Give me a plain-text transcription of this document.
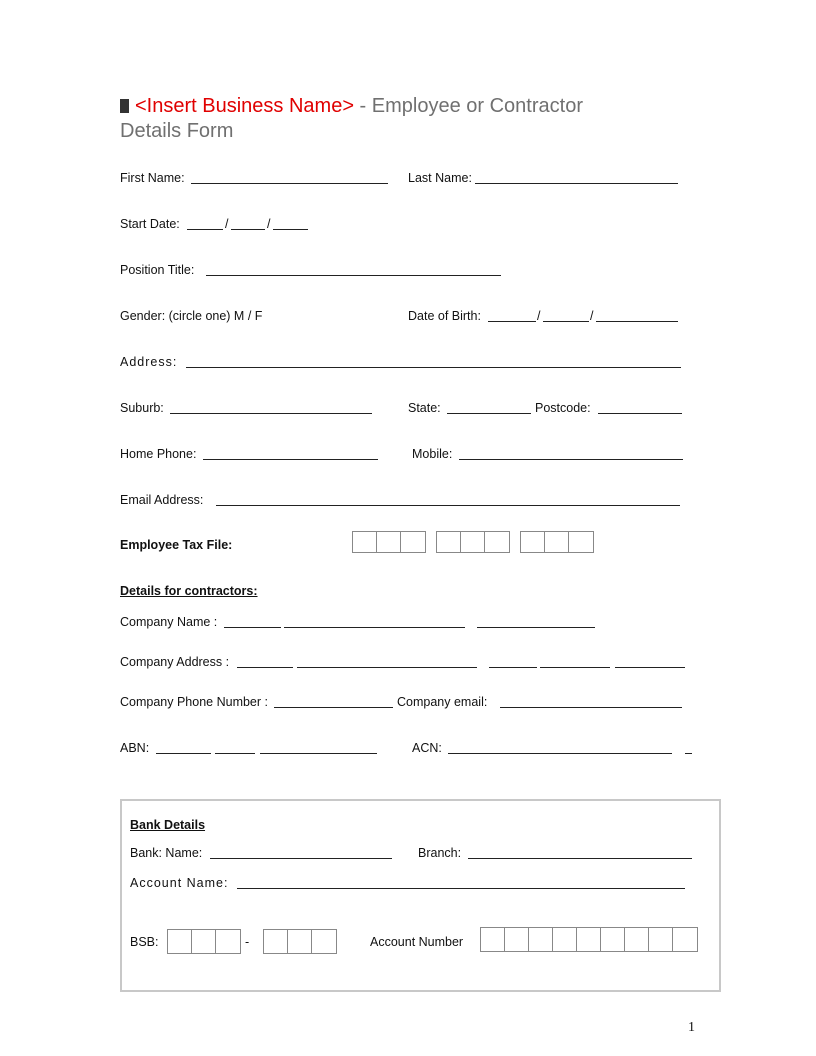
<Insert Business Name> - Employee or Contractor
Details Form
First Name:	Last Name:
Start Date:	/	/
Position Title:
Gender: (circle one) M / F	Date of Birth:	/	/
Address:
Suburb:	State:	Postcode:
Home Phone:	Mobile:
Email Address:
Employee Tax File:
Details for contractors:
Company Name :
Company Address :
Company Phone Number :	Company email:
ABN:	ACN:
Bank Details
Bank: Name:	Branch:
Account Name:
BSB:	-	Account Number
1
